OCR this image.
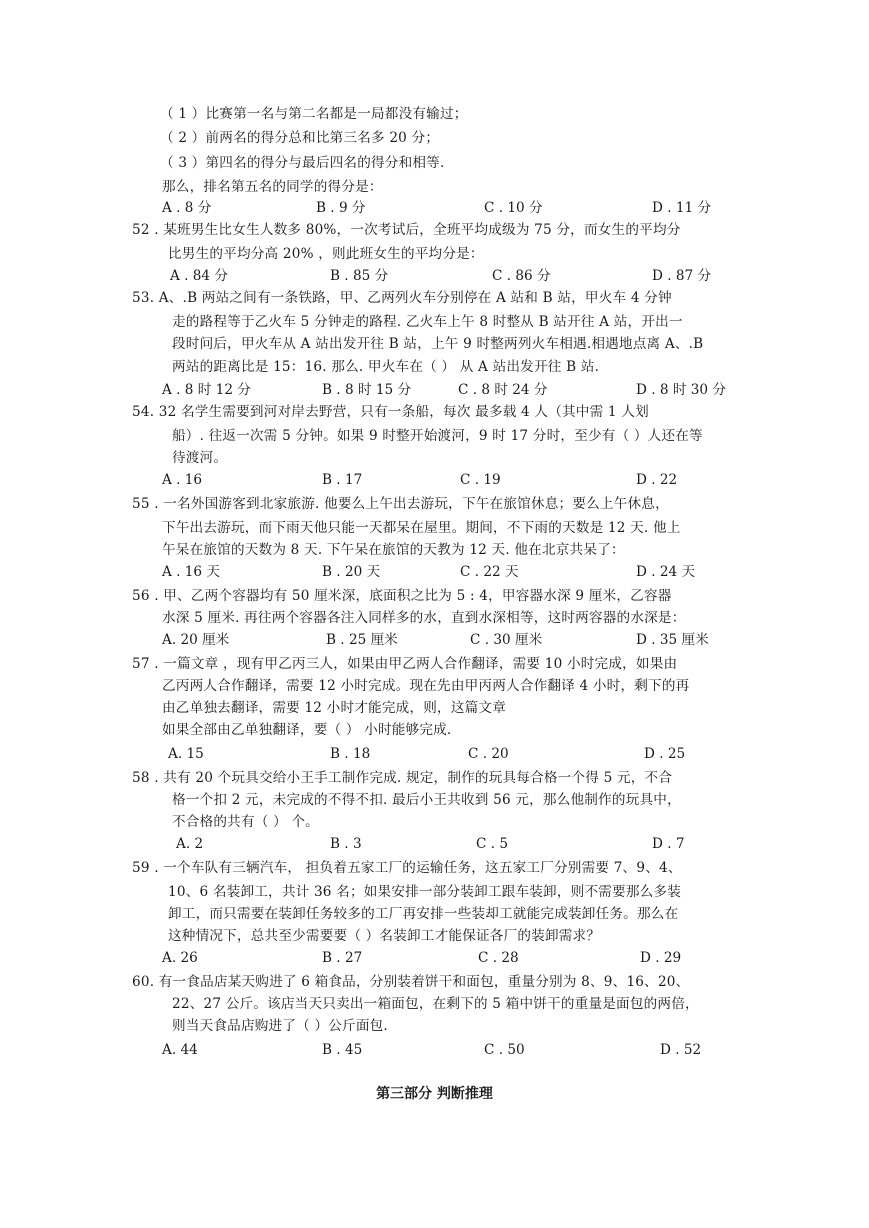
（ 1 ）比赛第一名与第二名都是一局都没有输过；
（ 2 ）前两名的得分总和比第三名多 20 分；
（ 3 ）第四名的得分与最后四名的得分和相等.
那么，排名第五名的同学的得分是：
A . 8 分	B . 9 分	C . 10 分	D . 11 分
52 . 某班男生比女生人数多 80%，一次考试后，全班平均成级为 75 分，而女生的平均分
比男生的平均分高 20% ，则此班女生的平均分是：
A . 84 分	B . 85 分	C . 86 分	D . 87 分
53. A、.B 两站之间有一条铁路，甲、乙两列火车分别停在 A 站和 B 站，甲火车 4 分钟
走的路程等于乙火车 5 分钟走的路程. 乙火车上午 8 时整从 B 站开往 A 站，开出一
段时问后，甲火车从 A 站出发开往 B 站，上午 9 时整两列火车相遇.相遇地点离 A、.B
两站的距离比是 15：16. 那么. 甲火车在（ ） 从 A 站出发开往 B 站.
A . 8 时 12 分	B . 8 时 15 分	C . 8 时 24 分	D . 8 时 30 分
54. 32 名学生需要到河对岸去野营，只有一条船，每次 最多载 4 人（其中需 1 人划
船）. 往返一次需 5 分钟。如果 9 时整开始渡河，9 时 17 分时，至少有（ ）人还在等
待渡河。
A . 16	B . 17	C . 19	D . 22
55 . 一名外国游客到北家旅游. 他要么上午出去游玩，下午在旅馆休息；要么上午休息，
下午出去游玩，而下雨天他只能一天都呆在屋里。期间，不下雨的天数是 12 天. 他上
午呆在旅馆的天数为 8 天. 下午呆在旅馆的天教为 12 天. 他在北京共呆了：
A . 16 天	B . 20 天	C . 22 天	D . 24 天
56 . 甲、乙两个容器均有 50 厘米深，底面积之比为 5 : 4，甲容器水深 9 厘米，乙容器
水深 5 厘米. 再往两个容器各注入同样多的水，直到水深相等，这时两容器的水深是：
A. 20 厘米	B . 25 厘米	C . 30 厘米	D . 35 厘米
57 . 一篇文章 ，现有甲乙丙三人，如果由甲乙两人合作翻译，需要 10 小时完成，如果由
乙丙两人合作翻译，需要 12 小时完成。现在先由甲丙两人合作翻译 4 小时，剩下的再
由乙单独去翻译，需要 12 小时才能完成，则，这篇文章
如果全部由乙单独翻译，要（ ） 小时能够完成.
A. 15	B . 18	C . 20	D . 25
58 . 共有 20 个玩具交给小王手工制作完成. 规定，制作的玩具每合格一个得 5 元，不合
格一个扣 2 元，未完成的不得不扣. 最后小王共收到 56 元，那么他制作的玩具中，
不合格的共有（ ） 个。
A. 2	B . 3	C . 5	D . 7
59 . 一个车队有三辆汽车， 担负着五家工厂的运输任务，这五家工厂分别需要 7、9、4、
10、6 名装卸工，共计 36 名；如果安排一部分装卸工跟车装卸，则不需要那么多装
卸工，而只需要在装卸任务较多的工厂再安排一些装却工就能完成装卸任务。那么在
这种情况下，总共至少需要要（ ）名装卸工才能保证各厂的装卸需求？
A. 26	B . 27	C . 28	D . 29
60. 有一食品店某天购进了 6 箱食品，分别装着饼干和面包，重量分别为 8、9、16、20、
22、27 公斤。该店当天只卖出一箱面包，在剩下的 5 箱中饼干的重量是面包的两倍，
则当天食品店购进了（ ）公斤面包.
A. 44	B . 45	C . 50	D . 52
第三部分 判断推理
